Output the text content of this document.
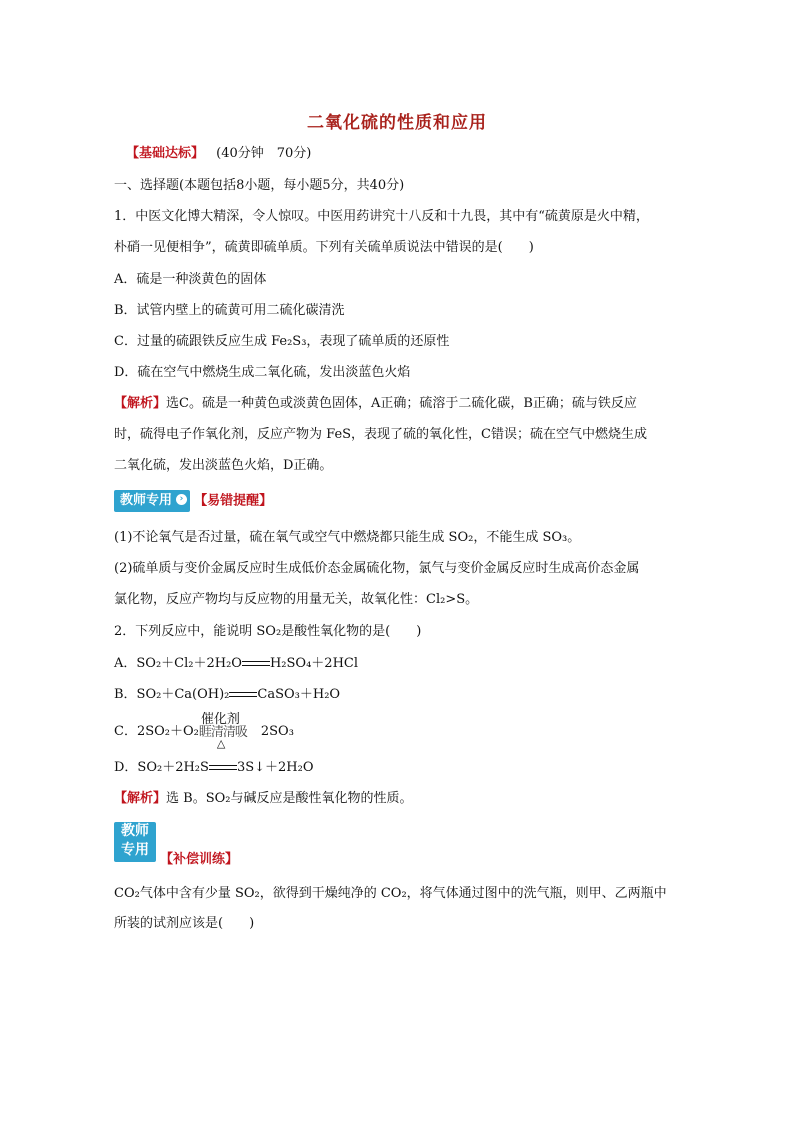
二氧化硫的性质和应用
【基础达标】 (40分钟　70分)
一、选择题(本题包括8小题，每小题5分，共40分)
1．中医文化博大精深，令人惊叹。中医用药讲究十八反和十九畏，其中有“硫黄原是火中精，
朴硝一见便相争”，硫黄即硫单质。下列有关硫单质说法中错误的是(　　)
A．硫是一种淡黄色的固体
B．试管内壁上的硫黄可用二硫化碳清洗
C．过量的硫跟铁反应生成 Fe₂S₃，表现了硫单质的还原性
D．硫在空气中燃烧生成二氧化硫，发出淡蓝色火焰
【解析】选C。硫是一种黄色或淡黄色固体，A正确；硫溶于二硫化碳，B正确；硫与铁反应
时，硫得电子作氧化剂，反应产物为 FeS，表现了硫的氧化性，C错误；硫在空气中燃烧生成
二氧化硫，发出淡蓝色火焰，D正确。
教师专用 › 【易错提醒】
(1)不论氧气是否过量，硫在氧气或空气中燃烧都只能生成 SO₂，不能生成 SO₃。
(2)硫单质与变价金属反应时生成低价态金属硫化物，氯气与变价金属反应时生成高价态金属
氯化物，反应产物均与反应物的用量无关，故氧化性：Cl₂>S。
2．下列反应中，能说明 SO₂是酸性氧化物的是(　　)
A．SO₂＋Cl₂＋2H₂O H₂SO₄＋2HCl
B．SO₂＋Ca(OH)₂ CaSO₃＋H₂O
C．2SO₂＋O₂
催化剂
睚清清吸
△
2SO₃
D．SO₂＋2H₂S 3S↓＋2H₂O
【解析】选 B。SO₂与碱反应是酸性氧化物的性质。
教师
专用
【补偿训练】
CO₂气体中含有少量 SO₂，欲得到干燥纯净的 CO₂，将气体通过图中的洗气瓶，则甲、乙两瓶中
所装的试剂应该是(　　)
